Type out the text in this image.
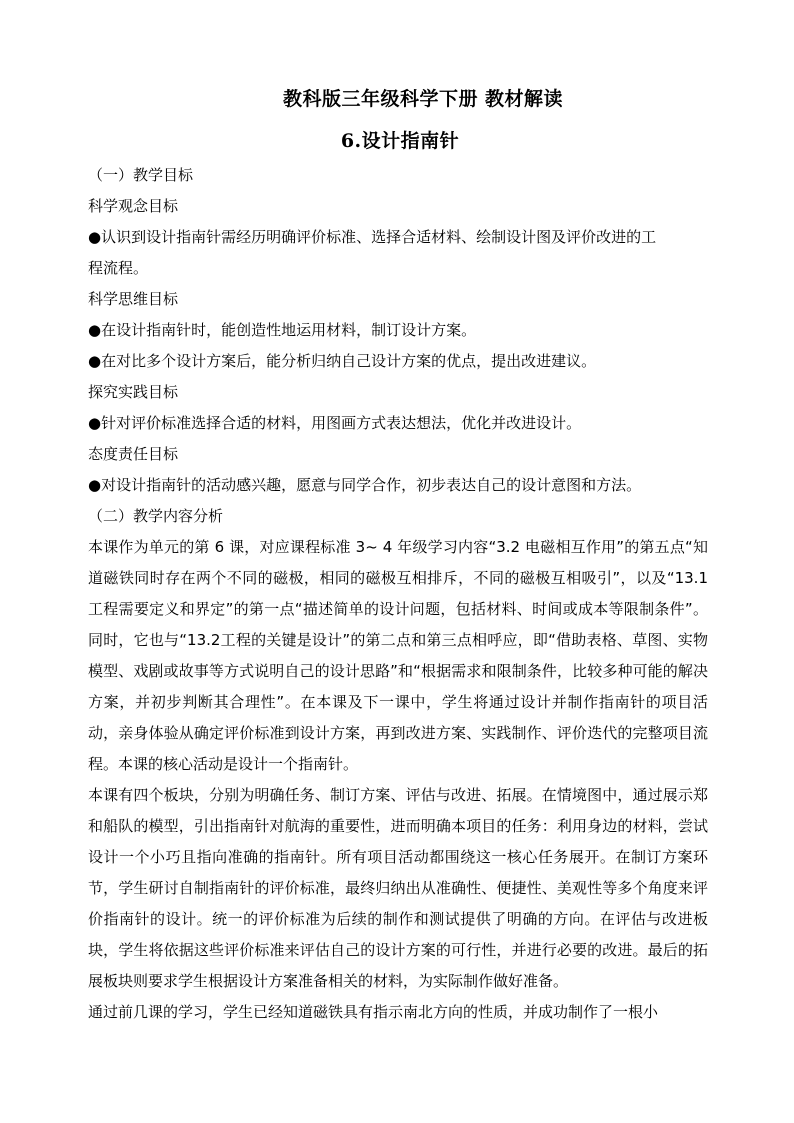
教科版三年级科学下册 教材解读
6.设计指南针
（一）教学目标
科学观念目标
●认识到设计指南针需经历明确评价标准、选择合适材料、绘制设计图及评价改进的工
程流程。
科学思维目标
●在设计指南针时，能创造性地运用材料，制订设计方案。
●在对比多个设计方案后，能分析归纳自己设计方案的优点，提出改进建议。
探究实践目标
●针对评价标准选择合适的材料，用图画方式表达想法，优化并改进设计。
态度责任目标
●对设计指南针的活动感兴趣，愿意与同学合作，初步表达自己的设计意图和方法。
（二）教学内容分析
本课作为单元的第 6 课，对应课程标准 3~ 4 年级学习内容“3.2 电磁相互作用”的第五点“知道磁铁同时存在两个不同的磁极，相同的磁极互相排斥，不同的磁极互相吸引”，以及“13.1 工程需要定义和界定”的第一点“描述简单的设计问题，包括材料、时间或成本等限制条件”。同时，它也与“13.2工程的关键是设计”的第二点和第三点相呼应，即“借助表格、草图、实物模型、戏剧或故事等方式说明自己的设计思路”和“根据需求和限制条件，比较多种可能的解决方案，并初步判断其合理性”。在本课及下一课中，学生将通过设计并制作指南针的项目活动，亲身体验从确定评价标准到设计方案，再到改进方案、实践制作、评价迭代的完整项目流程。本课的核心活动是设计一个指南针。
本课有四个板块，分别为明确任务、制订方案、评估与改进、拓展。在情境图中，通过展示郑和船队的模型，引出指南针对航海的重要性，进而明确本项目的任务：利用身边的材料，尝试设计一个小巧且指向准确的指南针。所有项目活动都围绕这一核心任务展开。在制订方案环节，学生研讨自制指南针的评价标准，最终归纳出从准确性、便捷性、美观性等多个角度来评价指南针的设计。统一的评价标准为后续的制作和测试提供了明确的方向。在评估与改进板块，学生将依据这些评价标准来评估自己的设计方案的可行性，并进行必要的改进。最后的拓展板块则要求学生根据设计方案准备相关的材料，为实际制作做好准备。
通过前几课的学习，学生已经知道磁铁具有指示南北方向的性质，并成功制作了一根小
